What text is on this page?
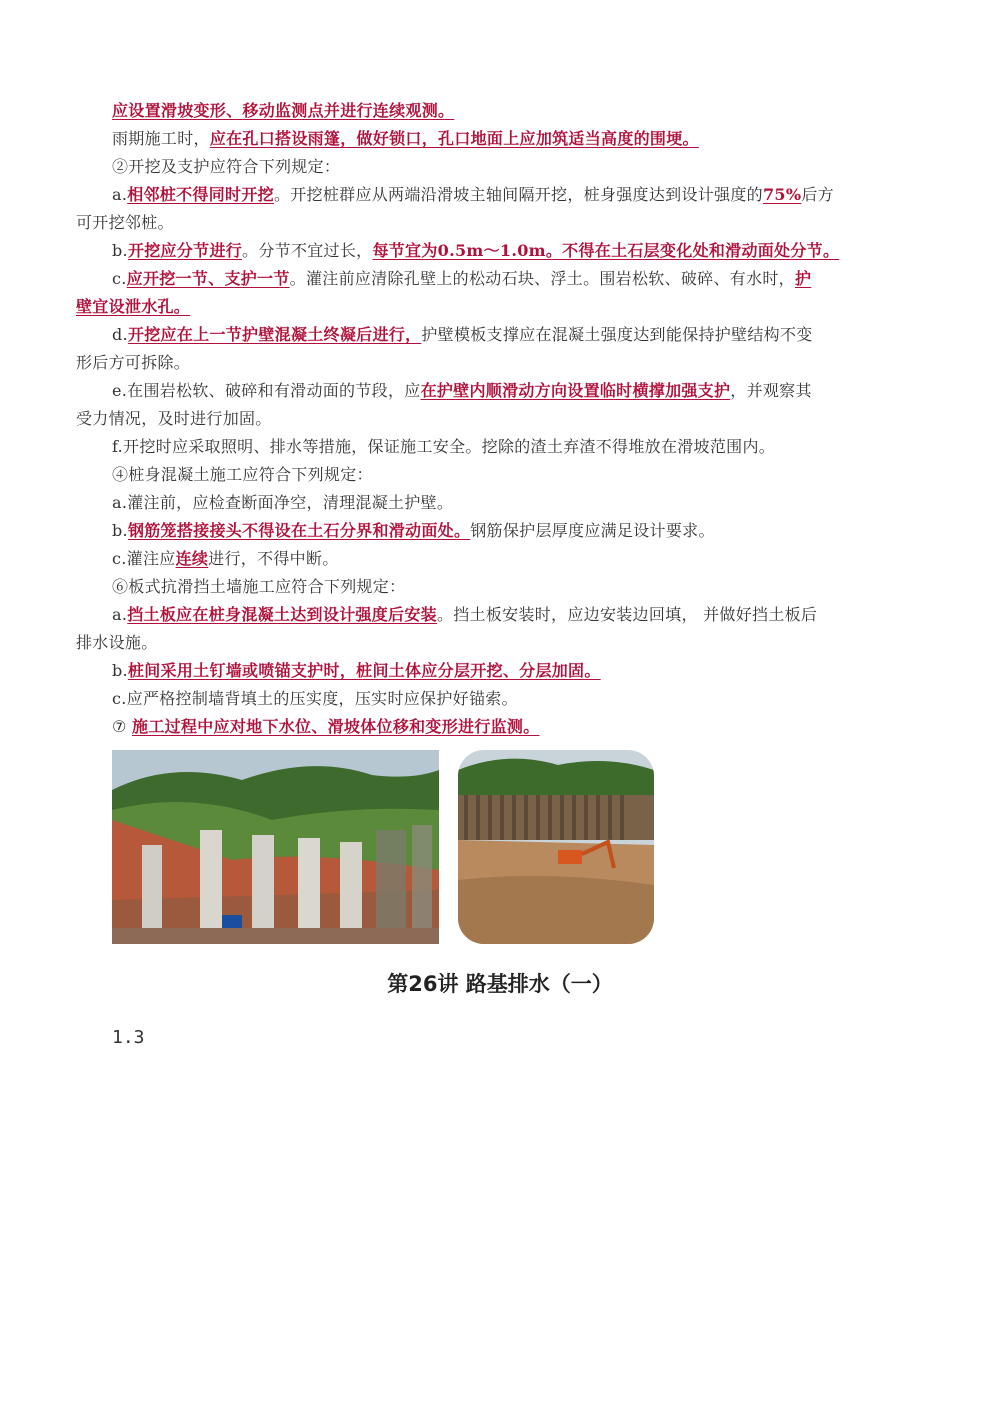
应设置滑坡变形、移动监测点并进行连续观测。
雨期施工时，应在孔口搭设雨篷，做好锁口，孔口地面上应加筑适当高度的围埂。
②开挖及支护应符合下列规定：
a.相邻桩不得同时开挖。开挖桩群应从两端沿滑坡主轴间隔开挖，桩身强度达到设计强度的75%后方
可开挖邻桩。
b.开挖应分节进行。分节不宜过长，每节宜为0.5m～1.0m。不得在土石层变化处和滑动面处分节。
c.应开挖一节、支护一节。灌注前应清除孔壁上的松动石块、浮土。围岩松软、破碎、有水时，护
壁宜设泄水孔。
d.开挖应在上一节护壁混凝土终凝后进行，护壁模板支撑应在混凝土强度达到能保持护壁结构不变
形后方可拆除。
e.在围岩松软、破碎和有滑动面的节段，应在护壁内顺滑动方向设置临时横撑加强支护，并观察其
受力情况，及时进行加固。
f.开挖时应采取照明、排水等措施，保证施工安全。挖除的渣土弃渣不得堆放在滑坡范围内。
④桩身混凝土施工应符合下列规定：
a.灌注前，应检查断面净空，清理混凝土护壁。
b.钢筋笼搭接接头不得设在土石分界和滑动面处。钢筋保护层厚度应满足设计要求。
c.灌注应连续进行，不得中断。
⑥板式抗滑挡土墙施工应符合下列规定：
a.挡土板应在桩身混凝土达到设计强度后安装。挡土板安装时，应边安装边回填， 并做好挡土板后
排水设施。
b.桩间采用土钉墙或喷锚支护时，桩间土体应分层开挖、分层加固。
c.应严格控制墙背填土的压实度，压实时应保护好锚索。
⑦ 施工过程中应对地下水位、滑坡体位移和变形进行监测。
第26讲 路基排水（一）
1.3
